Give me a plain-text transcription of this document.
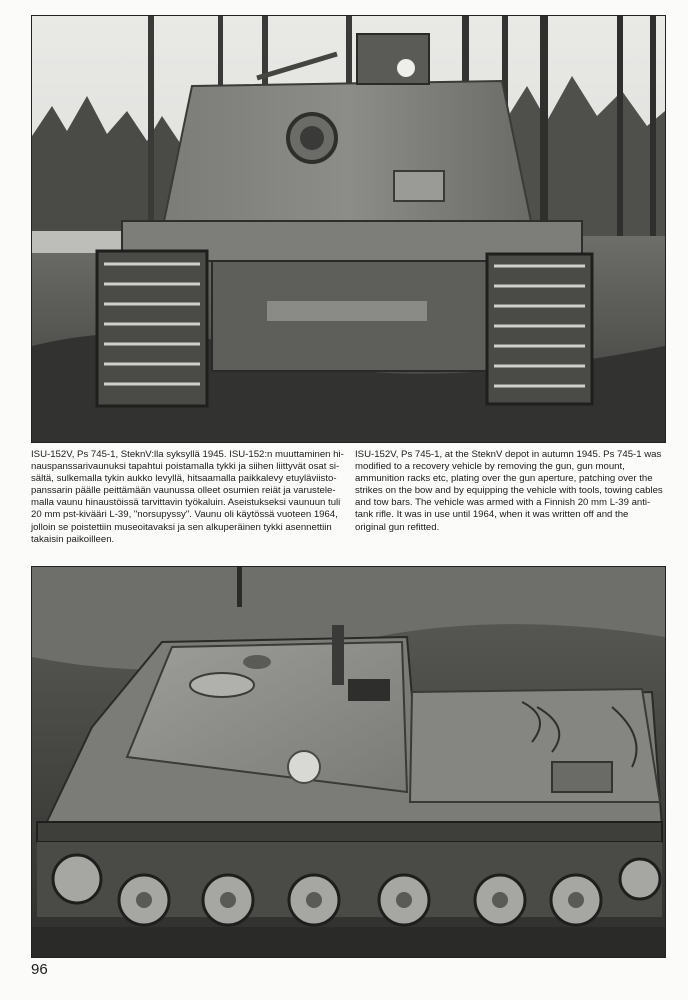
ISU-152V, Ps 745-1, SteknV:lla syksyllä 1945. ISU-152:n muuttaminen hi-
nauspanssarivaunuksi tapahtui poistamalla tykki ja siihen liittyvät osat si-
sältä, sulkemalla tykin aukko levyllä, hitsaamalla paikkalevy etuyläviisto-
panssarin päälle peittämään vaunussa olleet osumien reiät ja varustele-
malla vaunu hinaustöissä tarvittavin työkaluin. Aseistukseksi vaunuun tuli
20 mm pst-kivääri L-39, "norsupyssy". Vaunu oli käytössä vuoteen 1964,
jolloin se poistettiin museoitavaksi ja sen alkuperäinen tykki asennettiin
takaisin paikoilleen.
ISU-152V, Ps 745-1, at the SteknV depot in autumn 1945. Ps 745-1 was
modified to a recovery vehicle by removing the gun, gun mount,
ammunition racks etc, plating over the gun aperture, patching over the
strikes on the bow and by equipping the vehicle with tools, towing cables
and tow bars. The vehicle was armed with a Finnish 20 mm L-39 anti-
tank rifle. It was in use until 1964, when it was written off and the
original gun refitted.
96
